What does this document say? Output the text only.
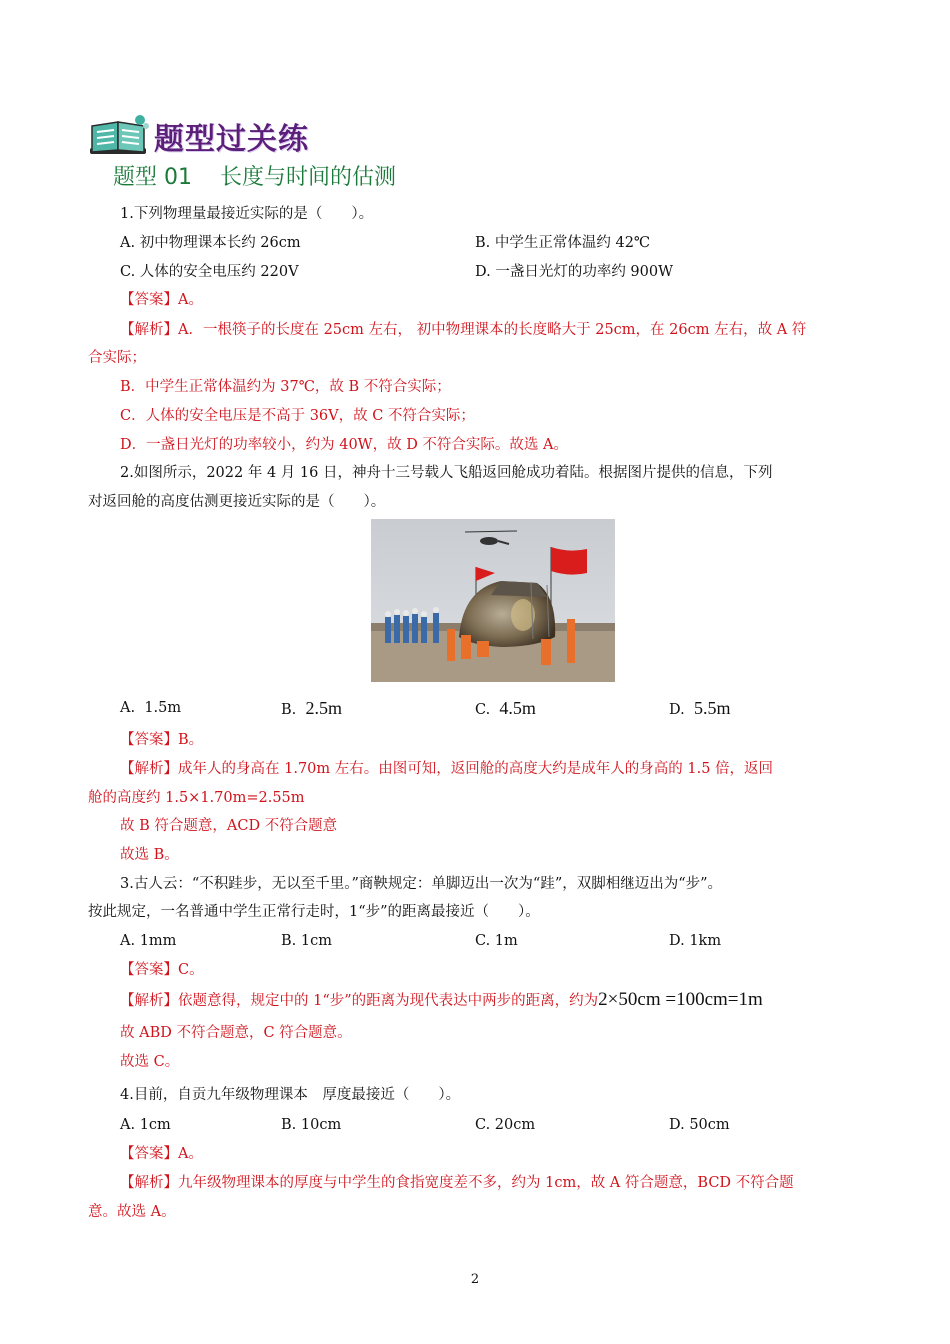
题型过关练
题型 01    长度与时间的估测
1.下列物理量最接近实际的是（　　）。
A. 初中物理课本长约 26cm	B. 中学生正常体温约 42℃
C. 人体的安全电压约 220V	D. 一盏日光灯的功率约 900W
【答案】A。
【解析】A．一根筷子的长度在 25cm 左右， 初中物理课本的长度略大于 25cm，在 26cm 左右，故 A 符
合实际；
B．中学生正常体温约为 37℃，故 B 不符合实际；
C．人体的安全电压是不高于 36V，故 C 不符合实际；
D．一盏日光灯的功率较小，约为 40W，故 D 不符合实际。故选 A。
2.如图所示，2022 年 4 月 16 日，神舟十三号载人飞船返回舱成功着陆。根据图片提供的信息，下列
对返回舱的高度估测更接近实际的是（　　）。
A. 1.5m	B. 2.5m	C. 4.5m	D. 5.5m
【答案】B。
【解析】成年人的身高在 1.70m 左右。由图可知，返回舱的高度大约是成年人的身高的 1.5 倍，返回
舱的高度约 1.5×1.70m=2.55m
故 B 符合题意，ACD 不符合题意
故选 B。
3.古人云：“不积跬步，无以至千里。”商鞅规定：单脚迈出一次为“跬”，双脚相继迈出为“步”。
按此规定，一名普通中学生正常行走时，1“步”的距离最接近（　　）。
A. 1mm	B. 1cm	C. 1m	D. 1km
【答案】C。
【解析】依题意得，规定中的 1“步”的距离为现代表达中两步的距离，约为2×50cm =100cm=1m
故 ABD 不符合题意，C 符合题意。
故选 C。
4.目前，自贡九年级物理课本　厚度最接近（　　）。
A. 1cm	B. 10cm	C. 20cm	D. 50cm
【答案】A。
【解析】九年级物理课本的厚度与中学生的食指宽度差不多，约为 1cm，故 A 符合题意，BCD 不符合题
意。故选 A。
2
